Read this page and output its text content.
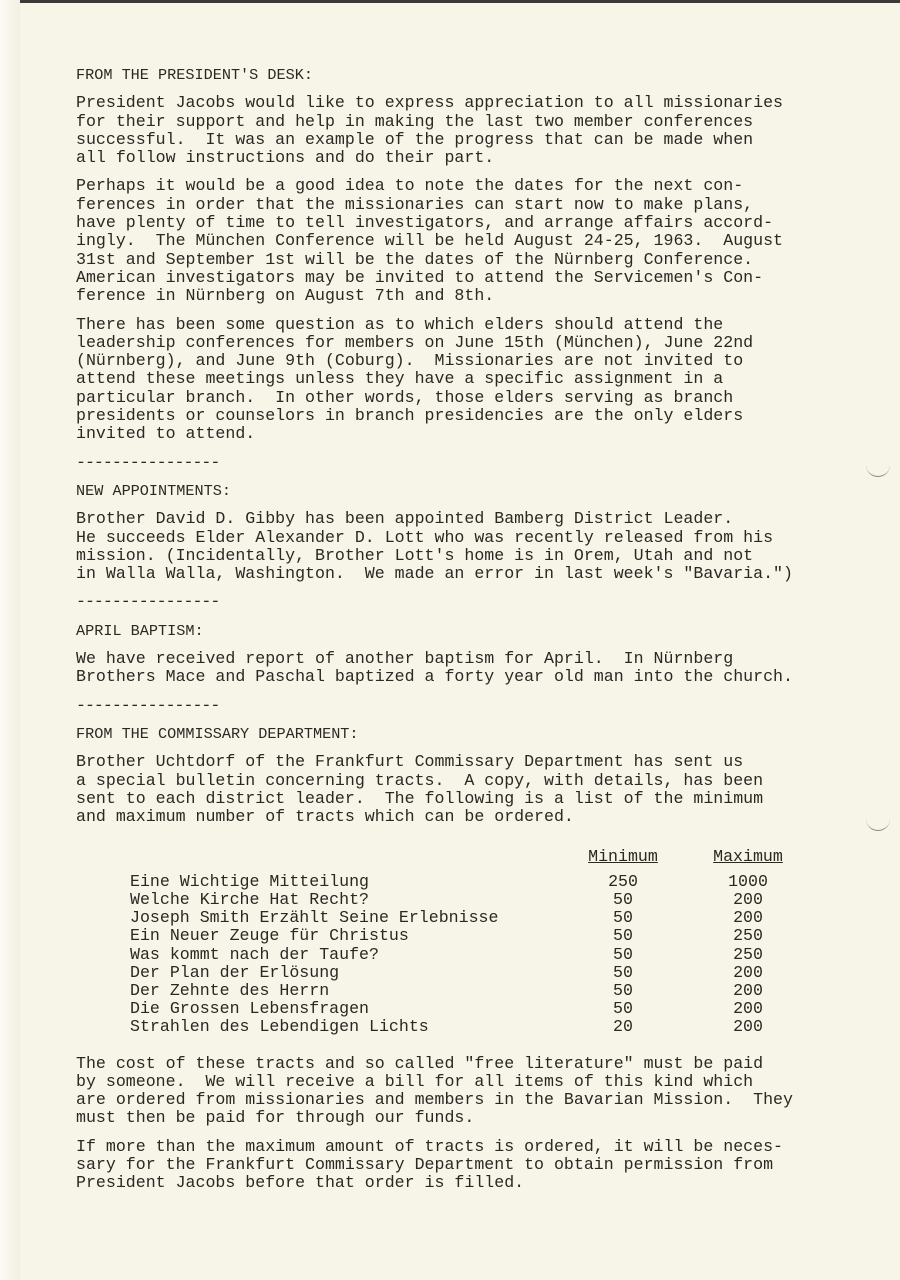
FROM THE PRESIDENT'S DESK:

President Jacobs would like to express appreciation to all missionaries
for their support and help in making the last two member conferences
successful.  It was an example of the progress that can be made when
all follow instructions and do their part.

Perhaps it would be a good idea to note the dates for the next con-
ferences in order that the missionaries can start now to make plans,
have plenty of time to tell investigators, and arrange affairs accord-
ingly.  The München Conference will be held August 24-25, 1963.  August
31st and September 1st will be the dates of the Nürnberg Conference.
American investigators may be invited to attend the Servicemen's Con-
ference in Nürnberg on August 7th and 8th.

There has been some question as to which elders should attend the
leadership conferences for members on June 15th (München), June 22nd
(Nürnberg), and June 9th (Coburg).  Missionaries are not invited to
attend these meetings unless they have a specific assignment in a
particular branch.  In other words, those elders serving as branch
presidents or counselors in branch presidencies are the only elders
invited to attend.

----------------
NEW APPOINTMENTS:

Brother David D. Gibby has been appointed Bamberg District Leader.
He succeeds Elder Alexander D. Lott who was recently released from his
mission. (Incidentally, Brother Lott's home is in Orem, Utah and not
in Walla Walla, Washington.  We made an error in last week's "Bavaria.")

----------------
APRIL BAPTISM:

We have received report of another baptism for April.  In Nürnberg
Brothers Mace and Paschal baptized a forty year old man into the church.

----------------
FROM THE COMMISSARY DEPARTMENT:

Brother Uchtdorf of the Frankfurt Commissary Department has sent us
a special bulletin concerning tracts.  A copy, with details, has been
sent to each district leader.  The following is a list of the minimum
and maximum number of tracts which can be ordered.

	Minimum	Maximum
Eine Wichtige Mitteilung	250	1000
Welche Kirche Hat Recht?	50	200
Joseph Smith Erzählt Seine Erlebnisse	50	200
Ein Neuer Zeuge für Christus	50	250
Was kommt nach der Taufe?	50	250
Der Plan der Erlösung	50	200
Der Zehnte des Herrn	50	200
Die Grossen Lebensfragen	50	200
Strahlen des Lebendigen Lichts	20	200

The cost of these tracts and so called "free literature" must be paid
by someone.  We will receive a bill for all items of this kind which
are ordered from missionaries and members in the Bavarian Mission.  They
must then be paid for through our funds.

If more than the maximum amount of tracts is ordered, it will be neces-
sary for the Frankfurt Commissary Department to obtain permission from
President Jacobs before that order is filled.
